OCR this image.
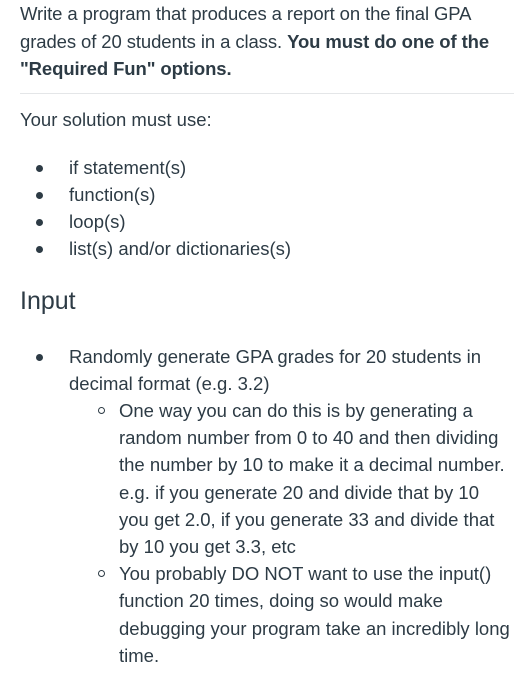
Write a program that produces a report on the final GPA grades of 20 students in a class. You must do one of the "Required Fun" options.

Your solution must use:

if statement(s)
function(s)
loop(s)
list(s) and/or dictionaries(s)
Input
Randomly generate GPA grades for 20 students in decimal format (e.g. 3.2)
One way you can do this is by generating a random number from 0 to 40 and then dividing the number by 10 to make it a decimal number. e.g. if you generate 20 and divide that by 10 you get 2.0, if you generate 33 and divide that by 10 you get 3.3, etc
You probably DO NOT want to use the input() function 20 times, doing so would make debugging your program take an incredibly long time.
